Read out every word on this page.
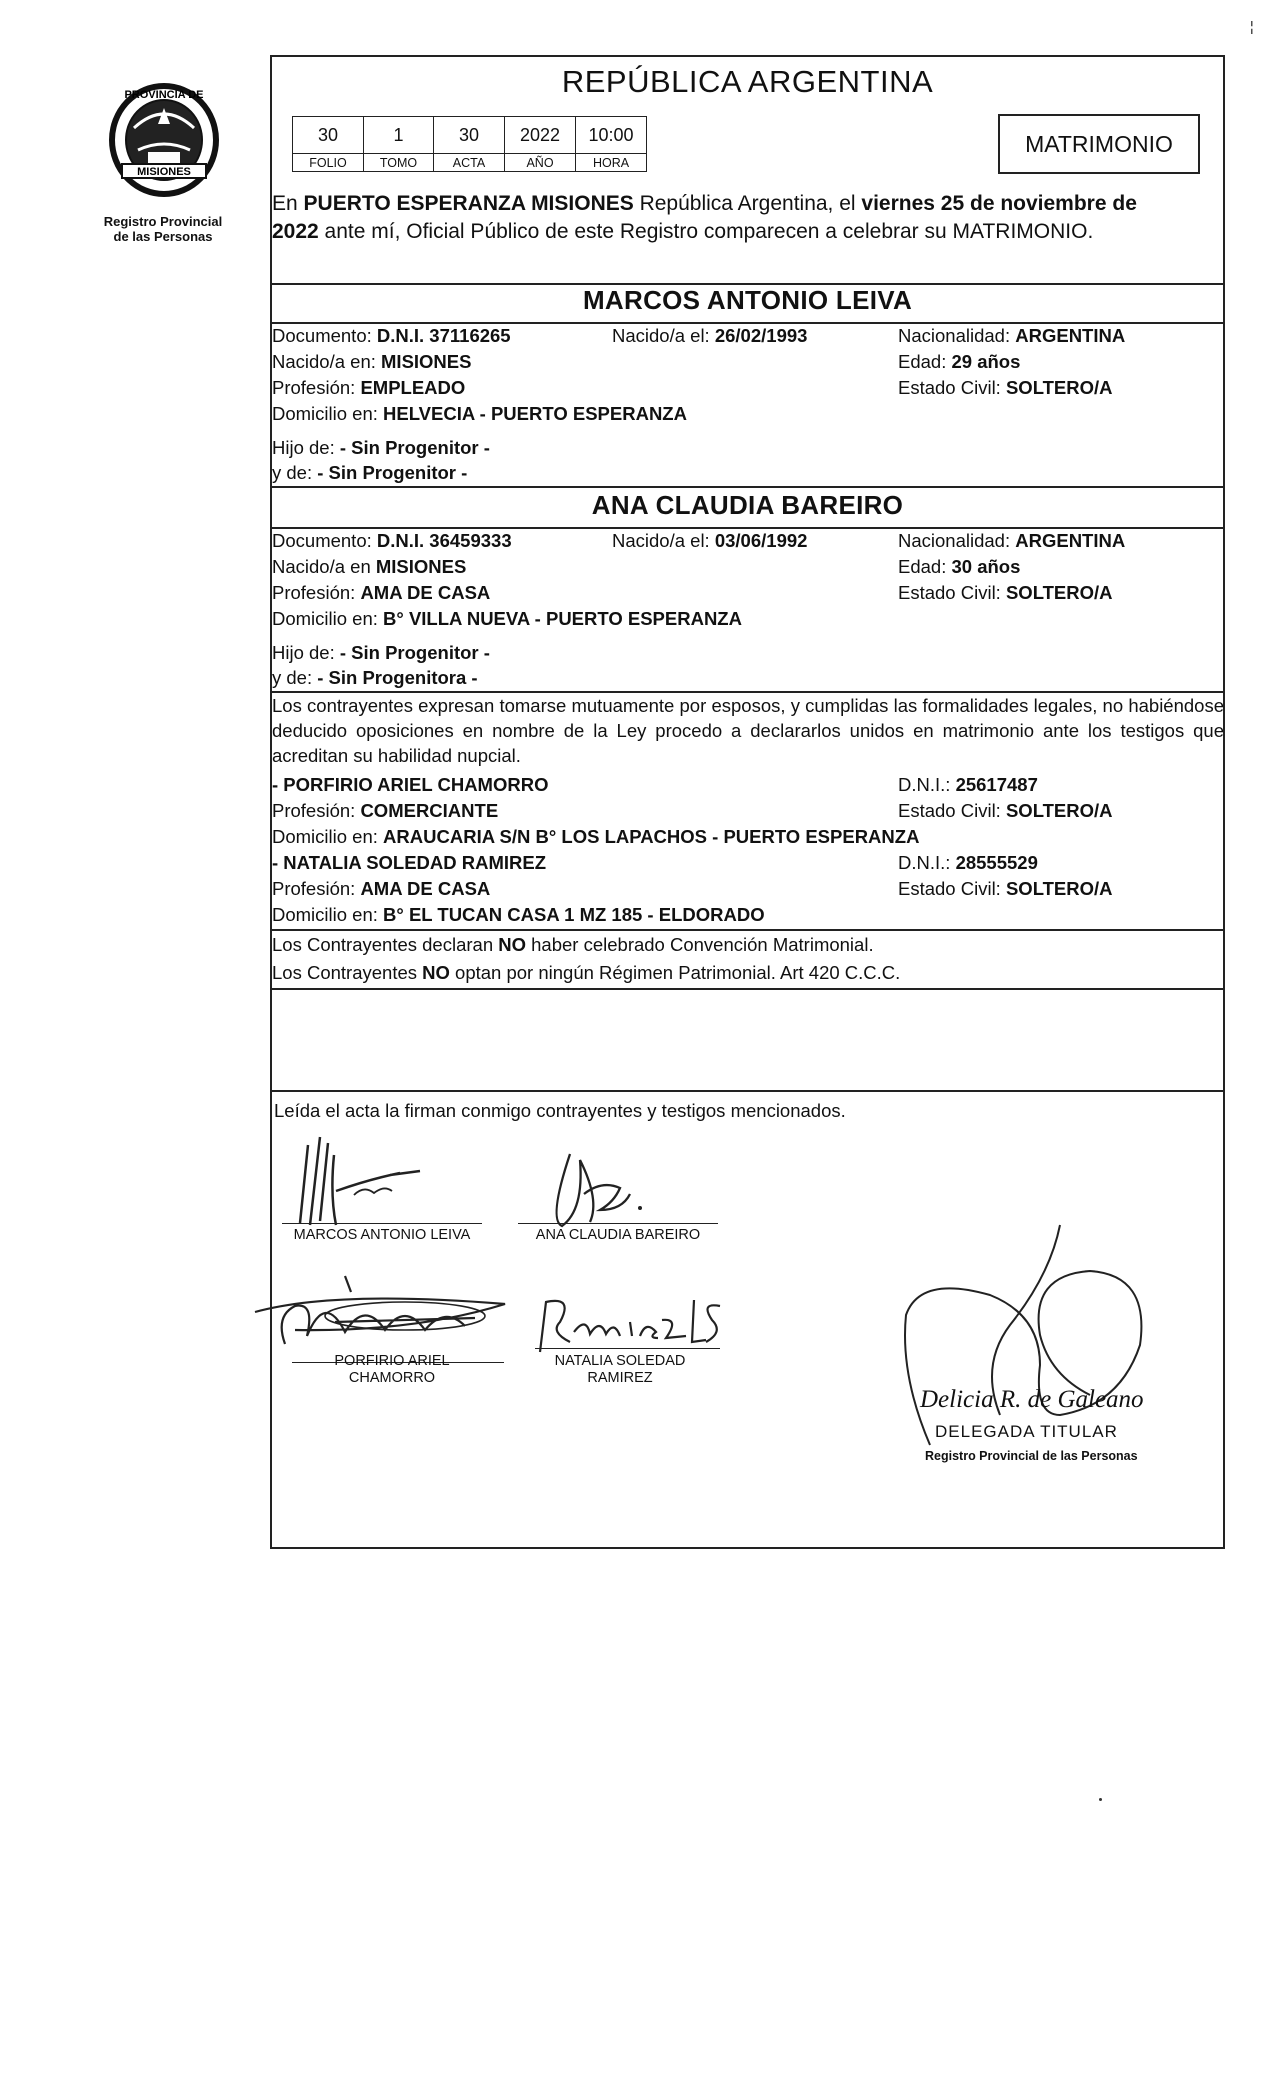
PROVINCIA DE
MISIONES
Registro Provincial
de las Personas
¦
REPÚBLICA ARGENTINA
30	1	30	2022	10:00
FOLIO	TOMO	ACTA	AÑO	HORA
MATRIMONIO
En PUERTO ESPERANZA MISIONES República Argentina, el viernes 25 de noviembre de
2022 ante mí, Oficial Público de este Registro comparecen a celebrar su MATRIMONIO.
MARCOS ANTONIO LEIVA
Documento: D.N.I. 37116265	Nacido/a el: 26/02/1993	Nacionalidad: ARGENTINA
Nacido/a en: MISIONES	Edad: 29 años
Profesión: EMPLEADO	Estado Civil: SOLTERO/A
Domicilio en: HELVECIA - PUERTO ESPERANZA
Hijo de: - Sin Progenitor -
y de: - Sin Progenitor -
ANA CLAUDIA BAREIRO
Documento: D.N.I. 36459333	Nacido/a el: 03/06/1992	Nacionalidad: ARGENTINA
Nacido/a en MISIONES	Edad: 30 años
Profesión: AMA DE CASA	Estado Civil: SOLTERO/A
Domicilio en: B° VILLA NUEVA - PUERTO ESPERANZA
Hijo de: - Sin Progenitor -
y de: - Sin Progenitora -
Los contrayentes expresan tomarse mutuamente por esposos, y cumplidas las formalidades legales, no habiéndose deducido oposiciones en nombre de la Ley procedo a declararlos unidos en matrimonio ante los testigos que acreditan su habilidad nupcial.
- PORFIRIO ARIEL CHAMORRO	D.N.I.: 25617487
Profesión: COMERCIANTE	Estado Civil: SOLTERO/A
Domicilio en: ARAUCARIA S/N B° LOS LAPACHOS - PUERTO ESPERANZA
- NATALIA SOLEDAD RAMIREZ	D.N.I.: 28555529
Profesión: AMA DE CASA	Estado Civil: SOLTERO/A
Domicilio en: B° EL TUCAN CASA 1 MZ 185 - ELDORADO
Los Contrayentes declaran NO haber celebrado Convención Matrimonial.
Los Contrayentes NO optan por ningún Régimen Patrimonial. Art 420 C.C.C.
Leída el acta la firman conmigo contrayentes y testigos mencionados.
MARCOS ANTONIO LEIVA	ANA CLAUDIA BAREIRO
PORFIRIO ARIEL
CHAMORRO
NATALIA SOLEDAD
RAMIREZ
Delicia R. de Galeano
DELEGADA TITULAR
Registro Provincial de las Personas
